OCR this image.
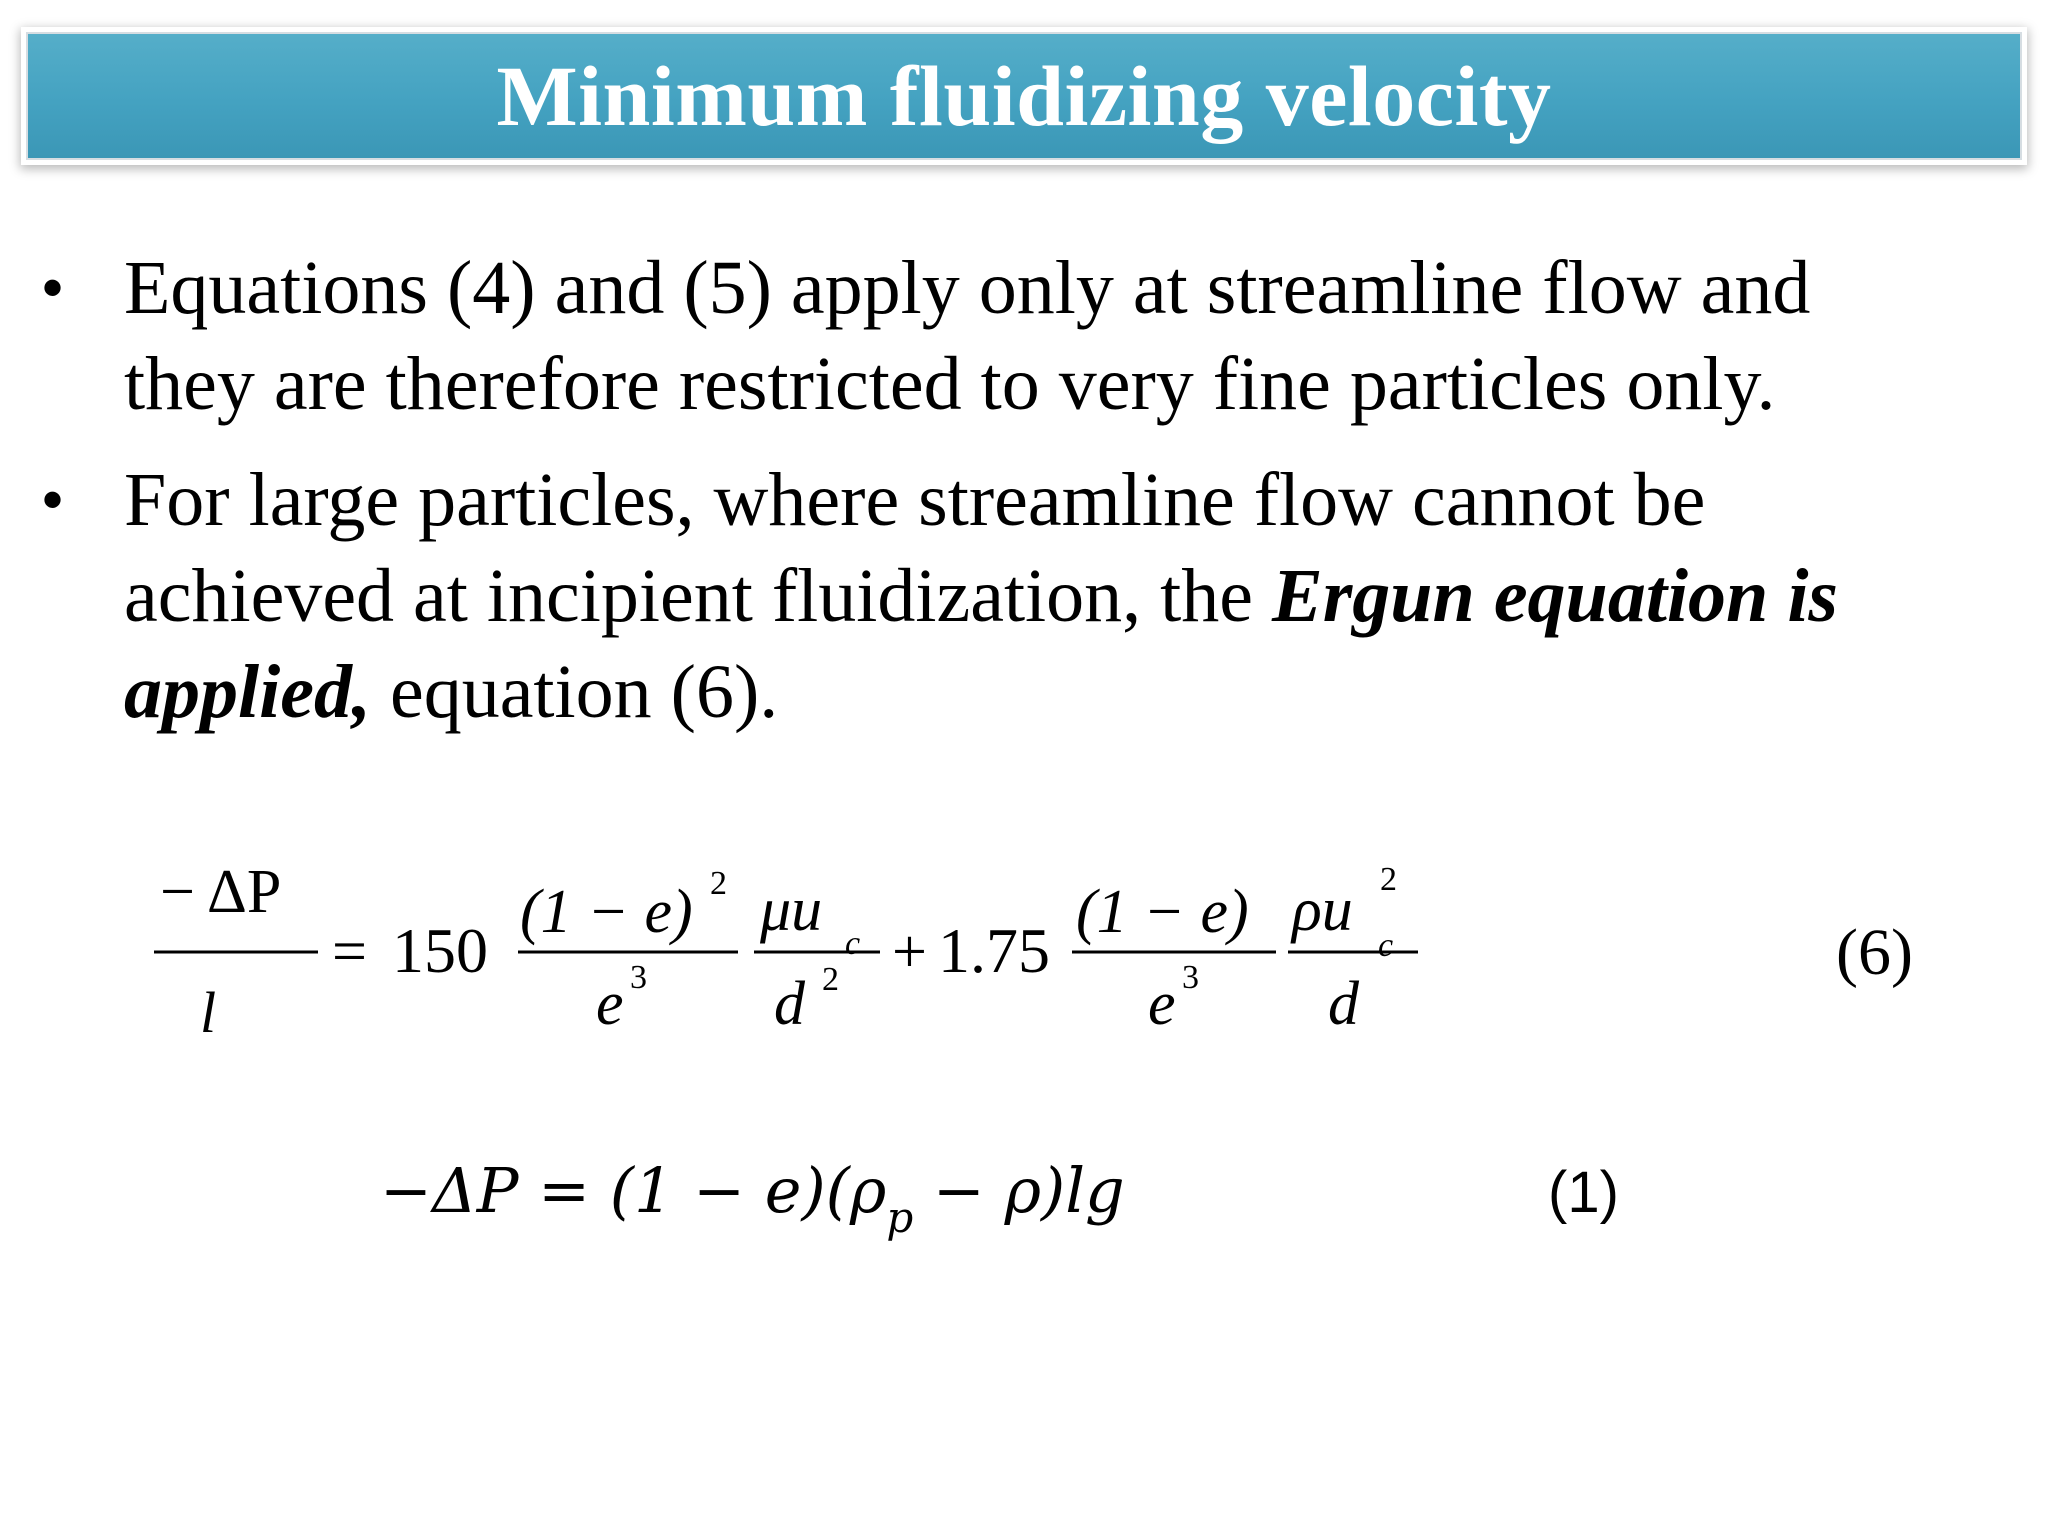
Minimum fluidizing velocity
• Equations (4) and (5) apply only at streamline flow and they are therefore restricted to very fine particles only.
• For large particles, where streamline flow cannot be achieved at incipient fluidization, the Ergun equation is applied, equation (6).
− ΔP
l
= 150
(1 − e) 2
e 3
μu c
d 2 + 1.75
(1 − e)
e 3
ρu
c
2
d
(6)
$-\Delta P = (1 - e)(\rho_p - \rho)\lg$	(1)
